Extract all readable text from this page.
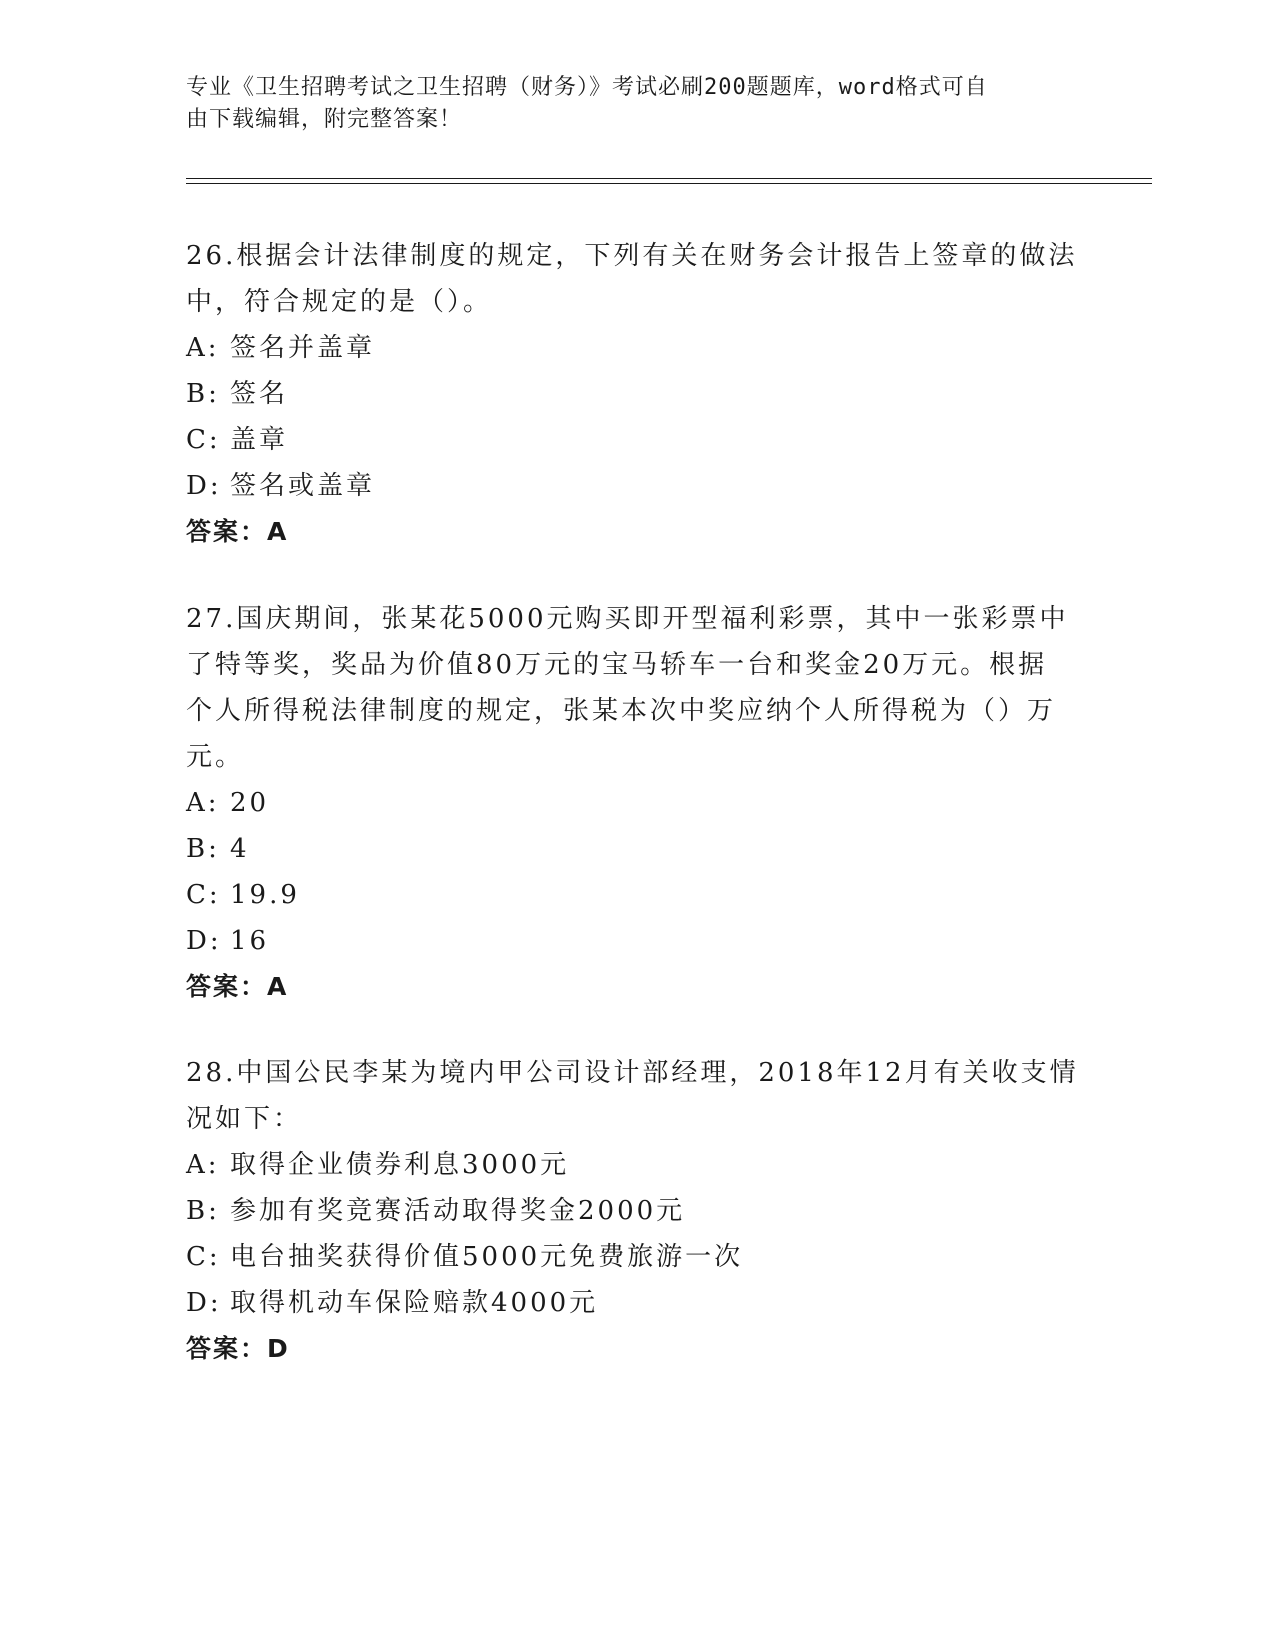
专业《卫生招聘考试之卫生招聘（财务）》考试必刷200题题库，word格式可自
由下载编辑，附完整答案！

26.根据会计法律制度的规定，下列有关在财务会计报告上签章的做法

中，符合规定的是（）。

A: 签名并盖章

B: 签名

C: 盖章

D: 签名或盖章

答案：A

27.国庆期间，张某花5000元购买即开型福利彩票，其中一张彩票中

了特等奖，奖品为价值80万元的宝马轿车一台和奖金20万元。根据

个人所得税法律制度的规定，张某本次中奖应纳个人所得税为（）万

元。

A: 20

B: 4

C: 19.9

D: 16

答案：A

28.中国公民李某为境内甲公司设计部经理，2018年12月有关收支情

况如下：

A: 取得企业债券利息3000元

B: 参加有奖竞赛活动取得奖金2000元

C: 电台抽奖获得价值5000元免费旅游一次

D: 取得机动车保险赔款4000元

答案：D
